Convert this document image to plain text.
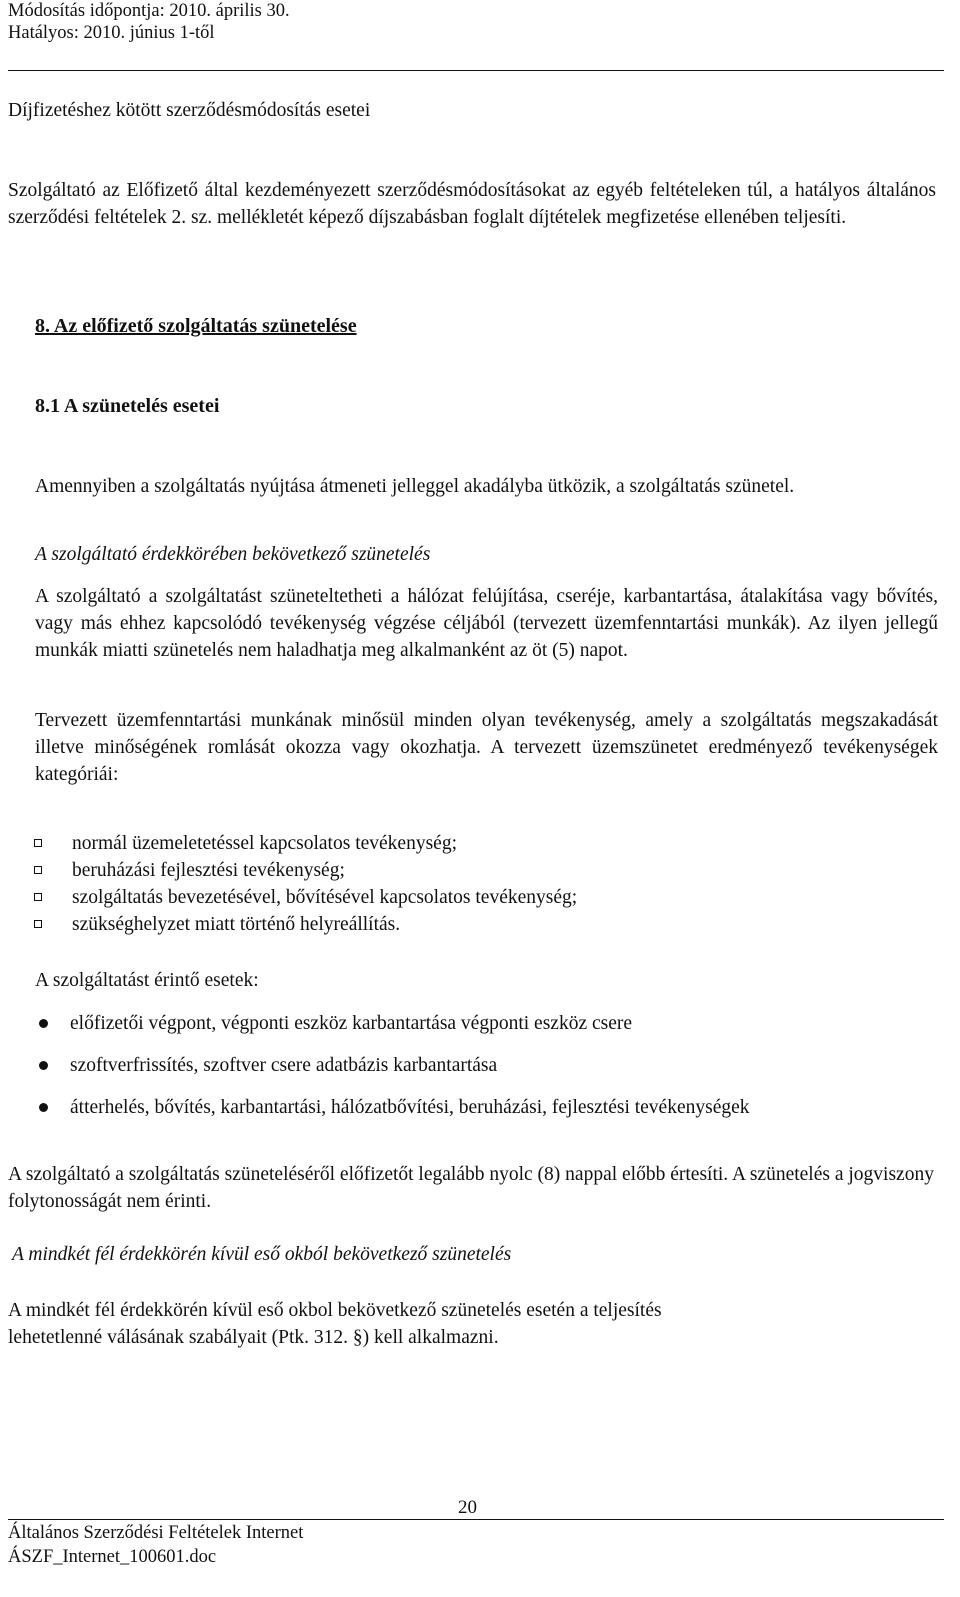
Módosítás időpontja: 2010. április 30.
Hatályos: 2010. június 1-től
Díjfizetéshez kötött szerződésmódosítás esetei
Szolgáltató az Előfizető által kezdeményezett szerződésmódosításokat az egyéb feltételeken túl, a hatályos általános szerződési feltételek 2. sz. mellékletét képező díjszabásban foglalt díjtételek megfizetése ellenében teljesíti.
8. Az előfizető szolgáltatás szünetelése
8.1 A szünetelés esetei
Amennyiben a szolgáltatás nyújtása átmeneti jelleggel akadályba ütközik, a szolgáltatás szünetel.
A szolgáltató érdekkörében bekövetkező szünetelés
A szolgáltató a szolgáltatást szüneteltetheti a hálózat felújítása, cseréje, karbantartása, átalakítása vagy bővítés, vagy más ehhez kapcsolódó tevékenység végzése céljából (tervezett üzemfenntartási munkák). Az ilyen jellegű munkák miatti szünetelés nem haladhatja meg alkalmanként az öt (5) napot.
Tervezett üzemfenntartási munkának minősül minden olyan tevékenység, amely a szolgáltatás megszakadását illetve minőségének romlását okozza vagy okozhatja. A tervezett üzemszünetet eredményező tevékenységek kategóriái:
normál üzemeletetéssel kapcsolatos tevékenység;
beruházási fejlesztési tevékenység;
szolgáltatás bevezetésével, bővítésével kapcsolatos tevékenység;
szükséghelyzet miatt történő helyreállítás.
A szolgáltatást érintő esetek:
előfizetői végpont, végponti eszköz karbantartása végponti eszköz csere
szoftverfrissítés, szoftver csere adatbázis karbantartása
átterhelés, bővítés, karbantartási, hálózatbővítési, beruházási, fejlesztési tevékenységek
A szolgáltató a szolgáltatás szüneteléséről előfizetőt legalább nyolc (8) nappal előbb értesíti. A szünetelés a jogviszony folytonosságát nem érinti.
A mindkét fél érdekkörén kívül eső okból bekövetkező szünetelés
A mindkét fél érdekkörén kívül eső okbol bekövetkező szünetelés esetén a teljesítés lehetetlenné válásának szabályait (Ptk. 312. §) kell alkalmazni.
20
Általános Szerződési Feltételek Internet
ÁSZF_Internet_100601.doc
